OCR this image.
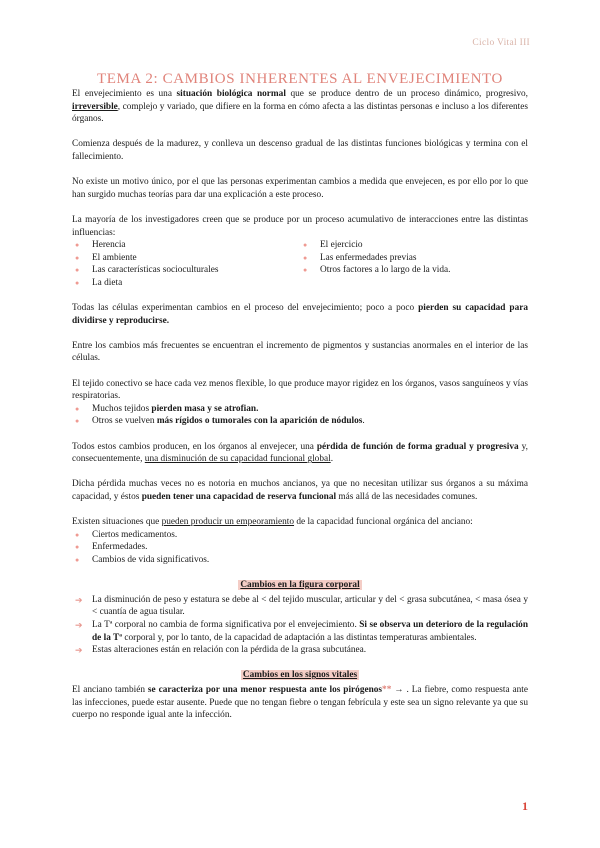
Ciclo Vital III
TEMA 2: CAMBIOS INHERENTES AL ENVEJECIMIENTO

El envejecimiento es una situación biológica normal que se produce dentro de un proceso dinámico, progresivo, irreversible, complejo y variado, que difiere en la forma en cómo afecta a las distintas personas e incluso a los diferentes órganos.

Comienza después de la madurez, y conlleva un descenso gradual de las distintas funciones biológicas y termina con el fallecimiento.

No existe un motivo único, por el que las personas experimentan cambios a medida que envejecen, es por ello por lo que han surgido muchas teorías para dar una explicación a este proceso.

La mayoría de los investigadores creen que se produce por un proceso acumulativo de interacciones entre las distintas influencias:

● Herencia
● El ambiente
● Las características socioculturales
● La dieta
● El ejercicio
● Las enfermedades previas
● Otros factores a lo largo de la vida.

Todas las células experimentan cambios en el proceso del envejecimiento; poco a poco pierden su capacidad para dividirse y reproducirse.

Entre los cambios más frecuentes se encuentran el incremento de pigmentos y sustancias anormales en el interior de las células.

El tejido conectivo se hace cada vez menos flexible, lo que produce mayor rigidez en los órganos, vasos sanguíneos y vías respiratorias.

● Muchos tejidos pierden masa y se atrofian.
● Otros se vuelven más rígidos o tumorales con la aparición de nódulos.

Todos estos cambios producen, en los órganos al envejecer, una pérdida de función de forma gradual y progresiva y, consecuentemente, una disminución de su capacidad funcional global.

Dicha pérdida muchas veces no es notoria en muchos ancianos, ya que no necesitan utilizar sus órganos a su máxima capacidad, y éstos pueden tener una capacidad de reserva funcional más allá de las necesidades comunes.

Existen situaciones que pueden producir un empeoramiento de la capacidad funcional orgánica del anciano:

● Ciertos medicamentos.
● Enfermedades.
● Cambios de vida significativos.
Cambios en la figura corporal
➔ La disminución de peso y estatura se debe al < del tejido muscular, articular y del < grasa subcutánea, < masa ósea y < cuantía de agua tisular.
➔ La Tª corporal no cambia de forma significativa por el envejecimiento. Si se observa un deterioro de la regulación de la Tª corporal y, por lo tanto, de la capacidad de adaptación a las distintas temperaturas ambientales.
➔ Estas alteraciones están en relación con la pérdida de la grasa subcutánea.
Cambios en los signos vitales

El anciano también se caracteriza por una menor respuesta ante los pirógenos** → . La fiebre, como respuesta ante las infecciones, puede estar ausente. Puede que no tengan fiebre o tengan febrícula y este sea un signo relevante ya que su cuerpo no responde igual ante la infección.

1
